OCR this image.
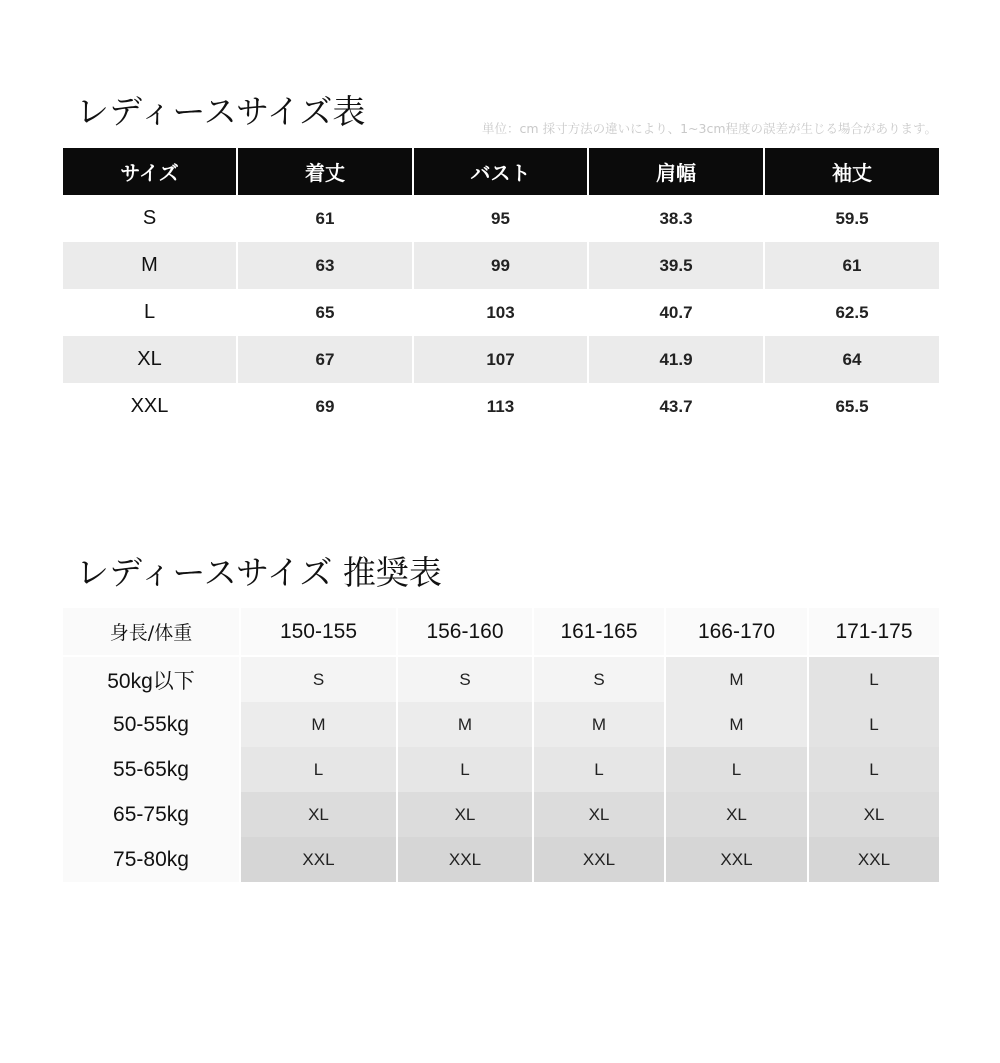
レディースサイズ表	単位：cm 採寸方法の違いにより、1~3cm程度の誤差が生じる場合があります。
サイズ	着丈	バスト	肩幅	袖丈
S	61	95	38.3	59.5
M	63	99	39.5	61
L	65	103	40.7	62.5
XL	67	107	41.9	64
XXL	69	113	43.7	65.5
レディースサイズ 推奨表
身長/体重	150-155	156-160	161-165	166-170	171-175
50kg以下	S	S	S	M	L
50-55kg	M	M	M	M	L
55-65kg	L	L	L	L	L
65-75kg	XL	XL	XL	XL	XL
75-80kg	XXL	XXL	XXL	XXL	XXL
